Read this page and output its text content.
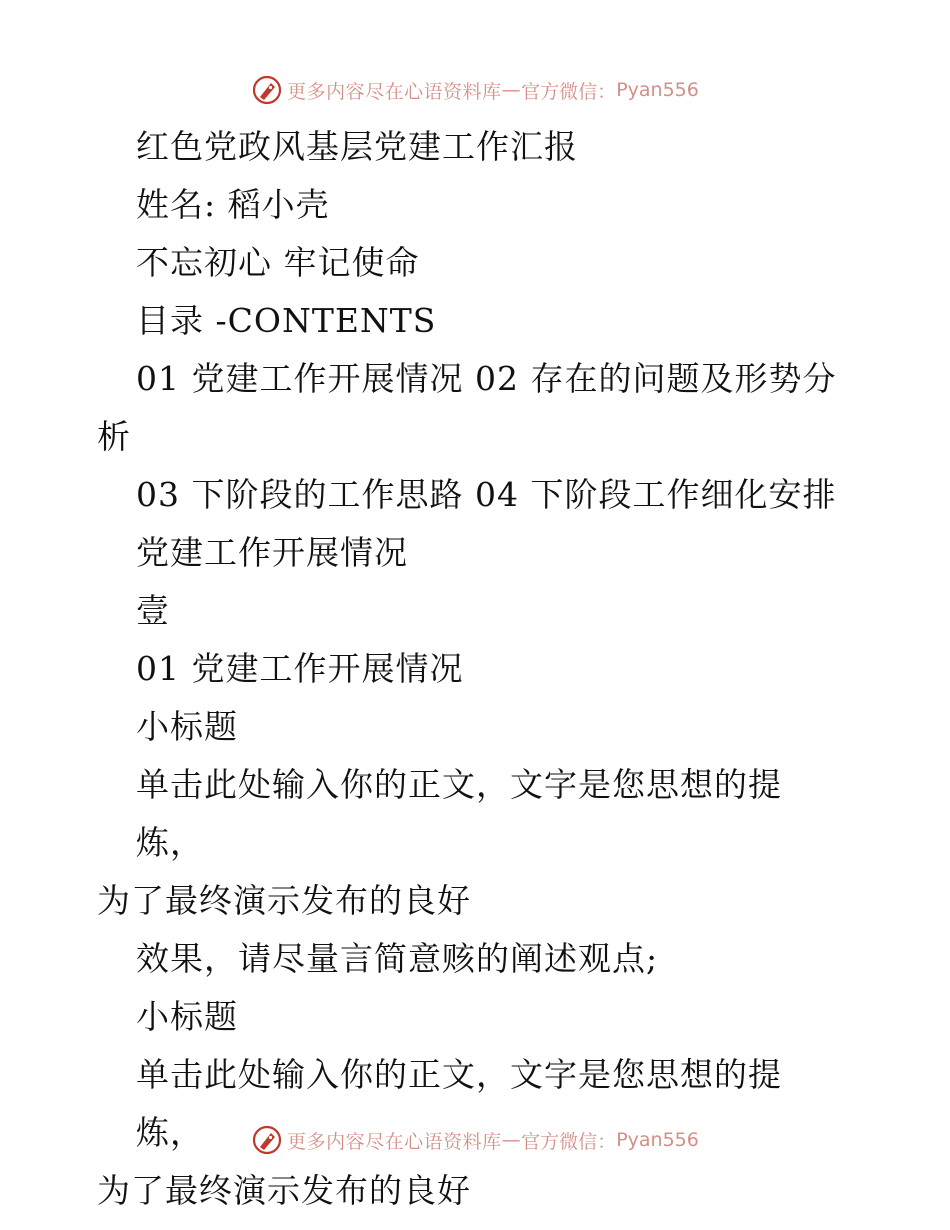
更多内容尽在心语资料库 — 官方微信： Pyan556

红色党政风基层党建工作汇报

姓名: 稻小壳

不忘初心 牢记使命

目录 -CONTENTS

01 党建工作开展情况 02 存在的问题及形势分

析

03 下阶段的工作思路 04 下阶段工作细化安排

党建工作开展情况

壹

01 党建工作开展情况

小标题

单击此处输入你的正文，文字是您思想的提炼，

为了最终演示发布的良好

效果，请尽量言简意赅的阐述观点;

小标题

单击此处输入你的正文，文字是您思想的提炼，

为了最终演示发布的良好

更多内容尽在心语资料库 — 官方微信： Pyan556
